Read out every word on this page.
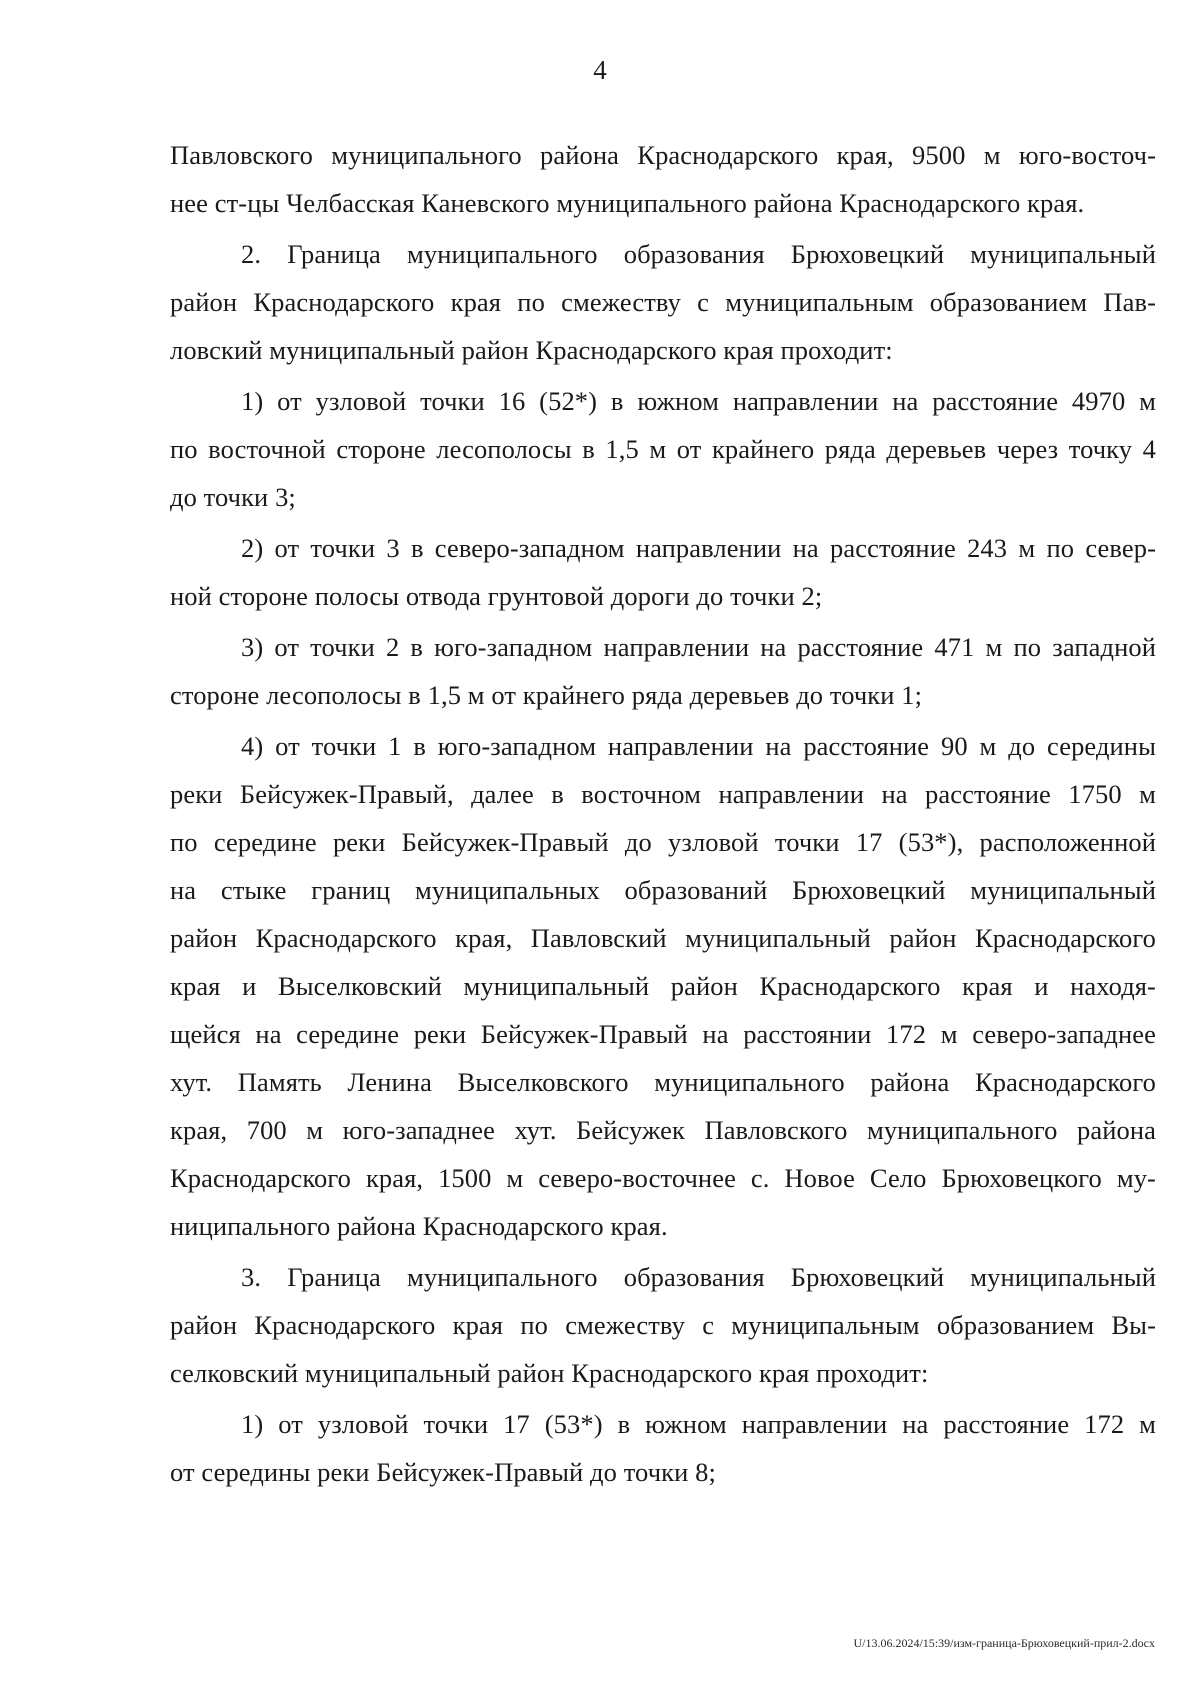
4
Павловского муниципального района Краснодарского края, 9500 м юго-восточ-
нее ст-цы Челбасская Каневского муниципального района Краснодарского края.
2. Граница муниципального образования Брюховецкий муниципальный
район Краснодарского края по смежеству с муниципальным образованием Пав-
ловский муниципальный район Краснодарского края проходит:
1) от узловой точки 16 (52*) в южном направлении на расстояние 4970 м
по восточной стороне лесополосы в 1,5 м от крайнего ряда деревьев через точку 4
до точки 3;
2) от точки 3 в северо-западном направлении на расстояние 243 м по север-
ной стороне полосы отвода грунтовой дороги до точки 2;
3) от точки 2 в юго-западном направлении на расстояние 471 м по западной
стороне лесополосы в 1,5 м от крайнего ряда деревьев до точки 1;
4) от точки 1 в юго-западном направлении на расстояние 90 м до середины
реки Бейсужек-Правый, далее в восточном направлении на расстояние 1750 м
по середине реки Бейсужек-Правый до узловой точки 17 (53*), расположенной
на стыке границ муниципальных образований Брюховецкий муниципальный
район Краснодарского края, Павловский муниципальный район Краснодарского
края и Выселковский муниципальный район Краснодарского края и находя-
щейся на середине реки Бейсужек-Правый на расстоянии 172 м северо-западнее
хут. Память Ленина Выселковского муниципального района Краснодарского
края, 700 м юго-западнее хут. Бейсужек Павловского муниципального района
Краснодарского края, 1500 м северо-восточнее с. Новое Село Брюховецкого му-
ниципального района Краснодарского края.
3. Граница муниципального образования Брюховецкий муниципальный
район Краснодарского края по смежеству с муниципальным образованием Вы-
селковский муниципальный район Краснодарского края проходит:
1) от узловой точки 17 (53*) в южном направлении на расстояние 172 м
от середины реки Бейсужек-Правый до точки 8;
U/13.06.2024/15:39/изм-граница-Брюховецкий-прил-2.docx
